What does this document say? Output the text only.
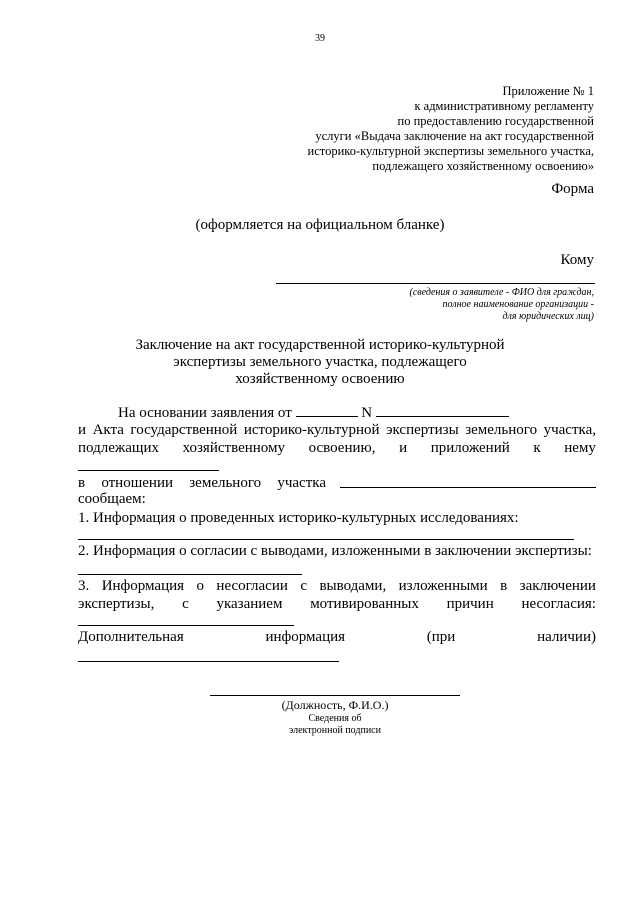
39
Приложение № 1
к административному регламенту
по предоставлению государственной
услуги «Выдача заключение на акт государственной
историко-культурной экспертизы земельного участка,
подлежащего хозяйственному освоению»
Форма
(оформляется на официальном бланке)
Кому
(сведения о заявителе - ФИО для граждан,
полное наименование организации -
для юридических лиц)
Заключение на акт государственной историко-культурной
экспертизы земельного участка, подлежащего
хозяйственному освоению
На основании заявления от	N
и Акта государственной историко-культурной экспертизы земельного участка,
подлежащих хозяйственному освоению, и приложений к нему
в отношении земельного участка
сообщаем:
1. Информация о проведенных историко-культурных исследованиях:
2. Информация о согласии с выводами, изложенными в заключении экспертизы:
3. Информация о несогласии с выводами, изложенными в заключении
экспертизы, с указанием мотивированных причин несогласия:
Дополнительная	информация	(при	наличии)
(Должность, Ф.И.О.)
Сведения об
электронной подписи
